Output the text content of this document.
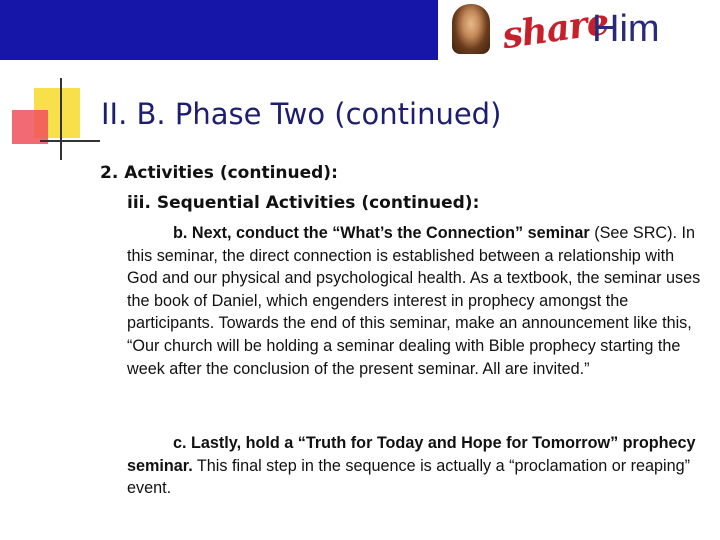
share
Him
II. B. Phase Two (continued)
2. Activities (continued):
iii. Sequential Activities (continued):

b. Next, conduct the “What’s the Connection” seminar (See SRC). In this seminar, the direct connection is established between a relationship with God and our physical and psychological health. As a textbook, the seminar uses the book of Daniel, which engenders interest in prophecy amongst the participants. Towards the end of this seminar, make an announcement like this, “Our church will be holding a seminar dealing with Bible prophecy starting the week after the conclusion of the present seminar. All are invited.”

c. Lastly, hold a “Truth for Today and Hope for Tomorrow” prophecy seminar. This final step in the sequence is actually a “proclamation or reaping” event.
